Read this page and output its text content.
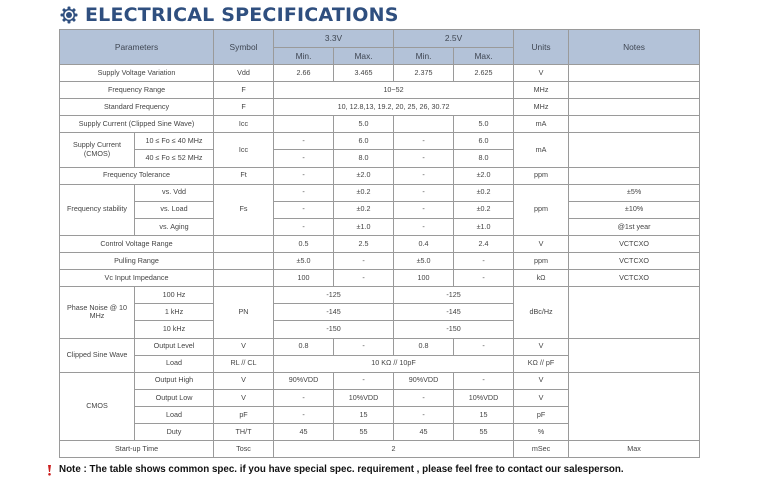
ELECTRICAL SPECIFICATIONS
Parameters		Symbol	3.3V		2.5V		Units	Notes
			Min.	Max.	Min.	Max.		
Supply Voltage Variation		Vdd	2.66	3.465	2.375	2.625	V	
Frequency Range		F	10~52				MHz	
Standard Frequency		F	10, 12.8,13, 19.2, 20, 25, 26, 30.72				MHz	
Supply Current (Clipped Sine Wave)		Icc		5.0		5.0	mA	
Supply Current (CMOS)	10 ≤ Fo ≤ 40 MHz	Icc	-	6.0	-	6.0	mA	
	40 ≤ Fo ≤ 52 MHz		-	8.0	-	8.0		
Frequency Tolerance		Ft	-	±2.0	-	±2.0	ppm	
Frequency stability	vs. Vdd	Fs	-	±0.2	-	±0.2	ppm	±5%
	vs. Load		-	±0.2	-	±0.2		±10%
	vs. Aging		-	±1.0	-	±1.0		@1st year
Control Voltage Range			0.5	2.5	0.4	2.4	V	VCTCXO
Pulling Range			±5.0	-	±5.0	-	ppm	VCTCXO
Vc Input Impedance			100	-	100	-	kΩ	VCTCXO
Phase Noise @ 10 MHz	100 Hz	PN	-125		-125		dBc/Hz	
	1 kHz		-145		-145			
	10 kHz		-150		-150			
Clipped Sine Wave	Output Level	V	0.8	-	0.8	-	V	
	Load	RL // CL	10 KΩ // 10pF				KΩ // pF	
CMOS	Output High	V	90%VDD	-	90%VDD	-	V	
	Output Low	V	-	10%VDD	-	10%VDD	V	
	Load	pF	-	15	-	15	pF	
	Duty	TH/T	45	55	45	55	%	
Start-up Time		Tosc	2				mSec	Max
Note : The table shows common spec. if you have special spec. requirement , please feel free to contact our salesperson.
